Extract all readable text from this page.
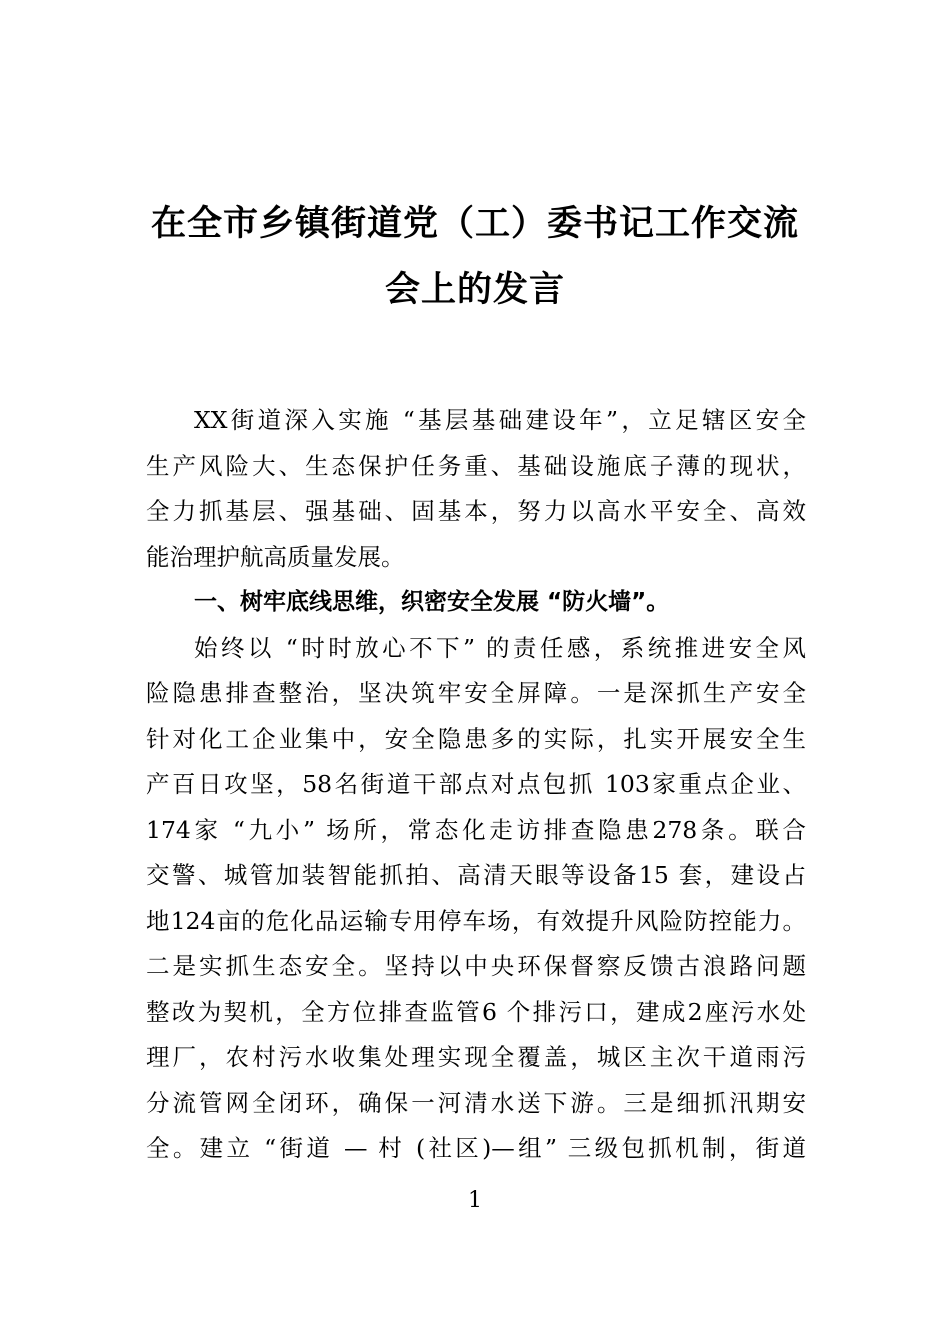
在全市乡镇街道党（工）委书记工作交流
会上的发言
XX街道深入实施 “基层基础建设年”，立足辖区安全
生产风险大、生态保护任务重、基础设施底子薄的现状，
全力抓基层、强基础、固基本，努力以高水平安全、高效
能治理护航高质量发展。
一、树牢底线思维，织密安全发展 “防火墙”。
始终以 “时时放心不下” 的责任感，系统推进安全风
险隐患排查整治，坚决筑牢安全屏障。一是深抓生产安全
针对化工企业集中，安全隐患多的实际，扎实开展安全生
产百日攻坚，58名街道干部点对点包抓 103家重点企业、
174家 “九小” 场所，常态化走访排查隐患278条。联合
交警、城管加装智能抓拍、高清天眼等设备15 套，建设占
地124亩的危化品运输专用停车场，有效提升风险防控能力。
二是实抓生态安全。坚持以中央环保督察反馈古浪路问题
整改为契机，全方位排查监管6 个排污口，建成2座污水处
理厂，农村污水收集处理实现全覆盖，城区主次干道雨污
分流管网全闭环，确保一河清水送下游。三是细抓汛期安
全。建立 “街道 — 村 (社区)—组” 三级包抓机制，街道
1
